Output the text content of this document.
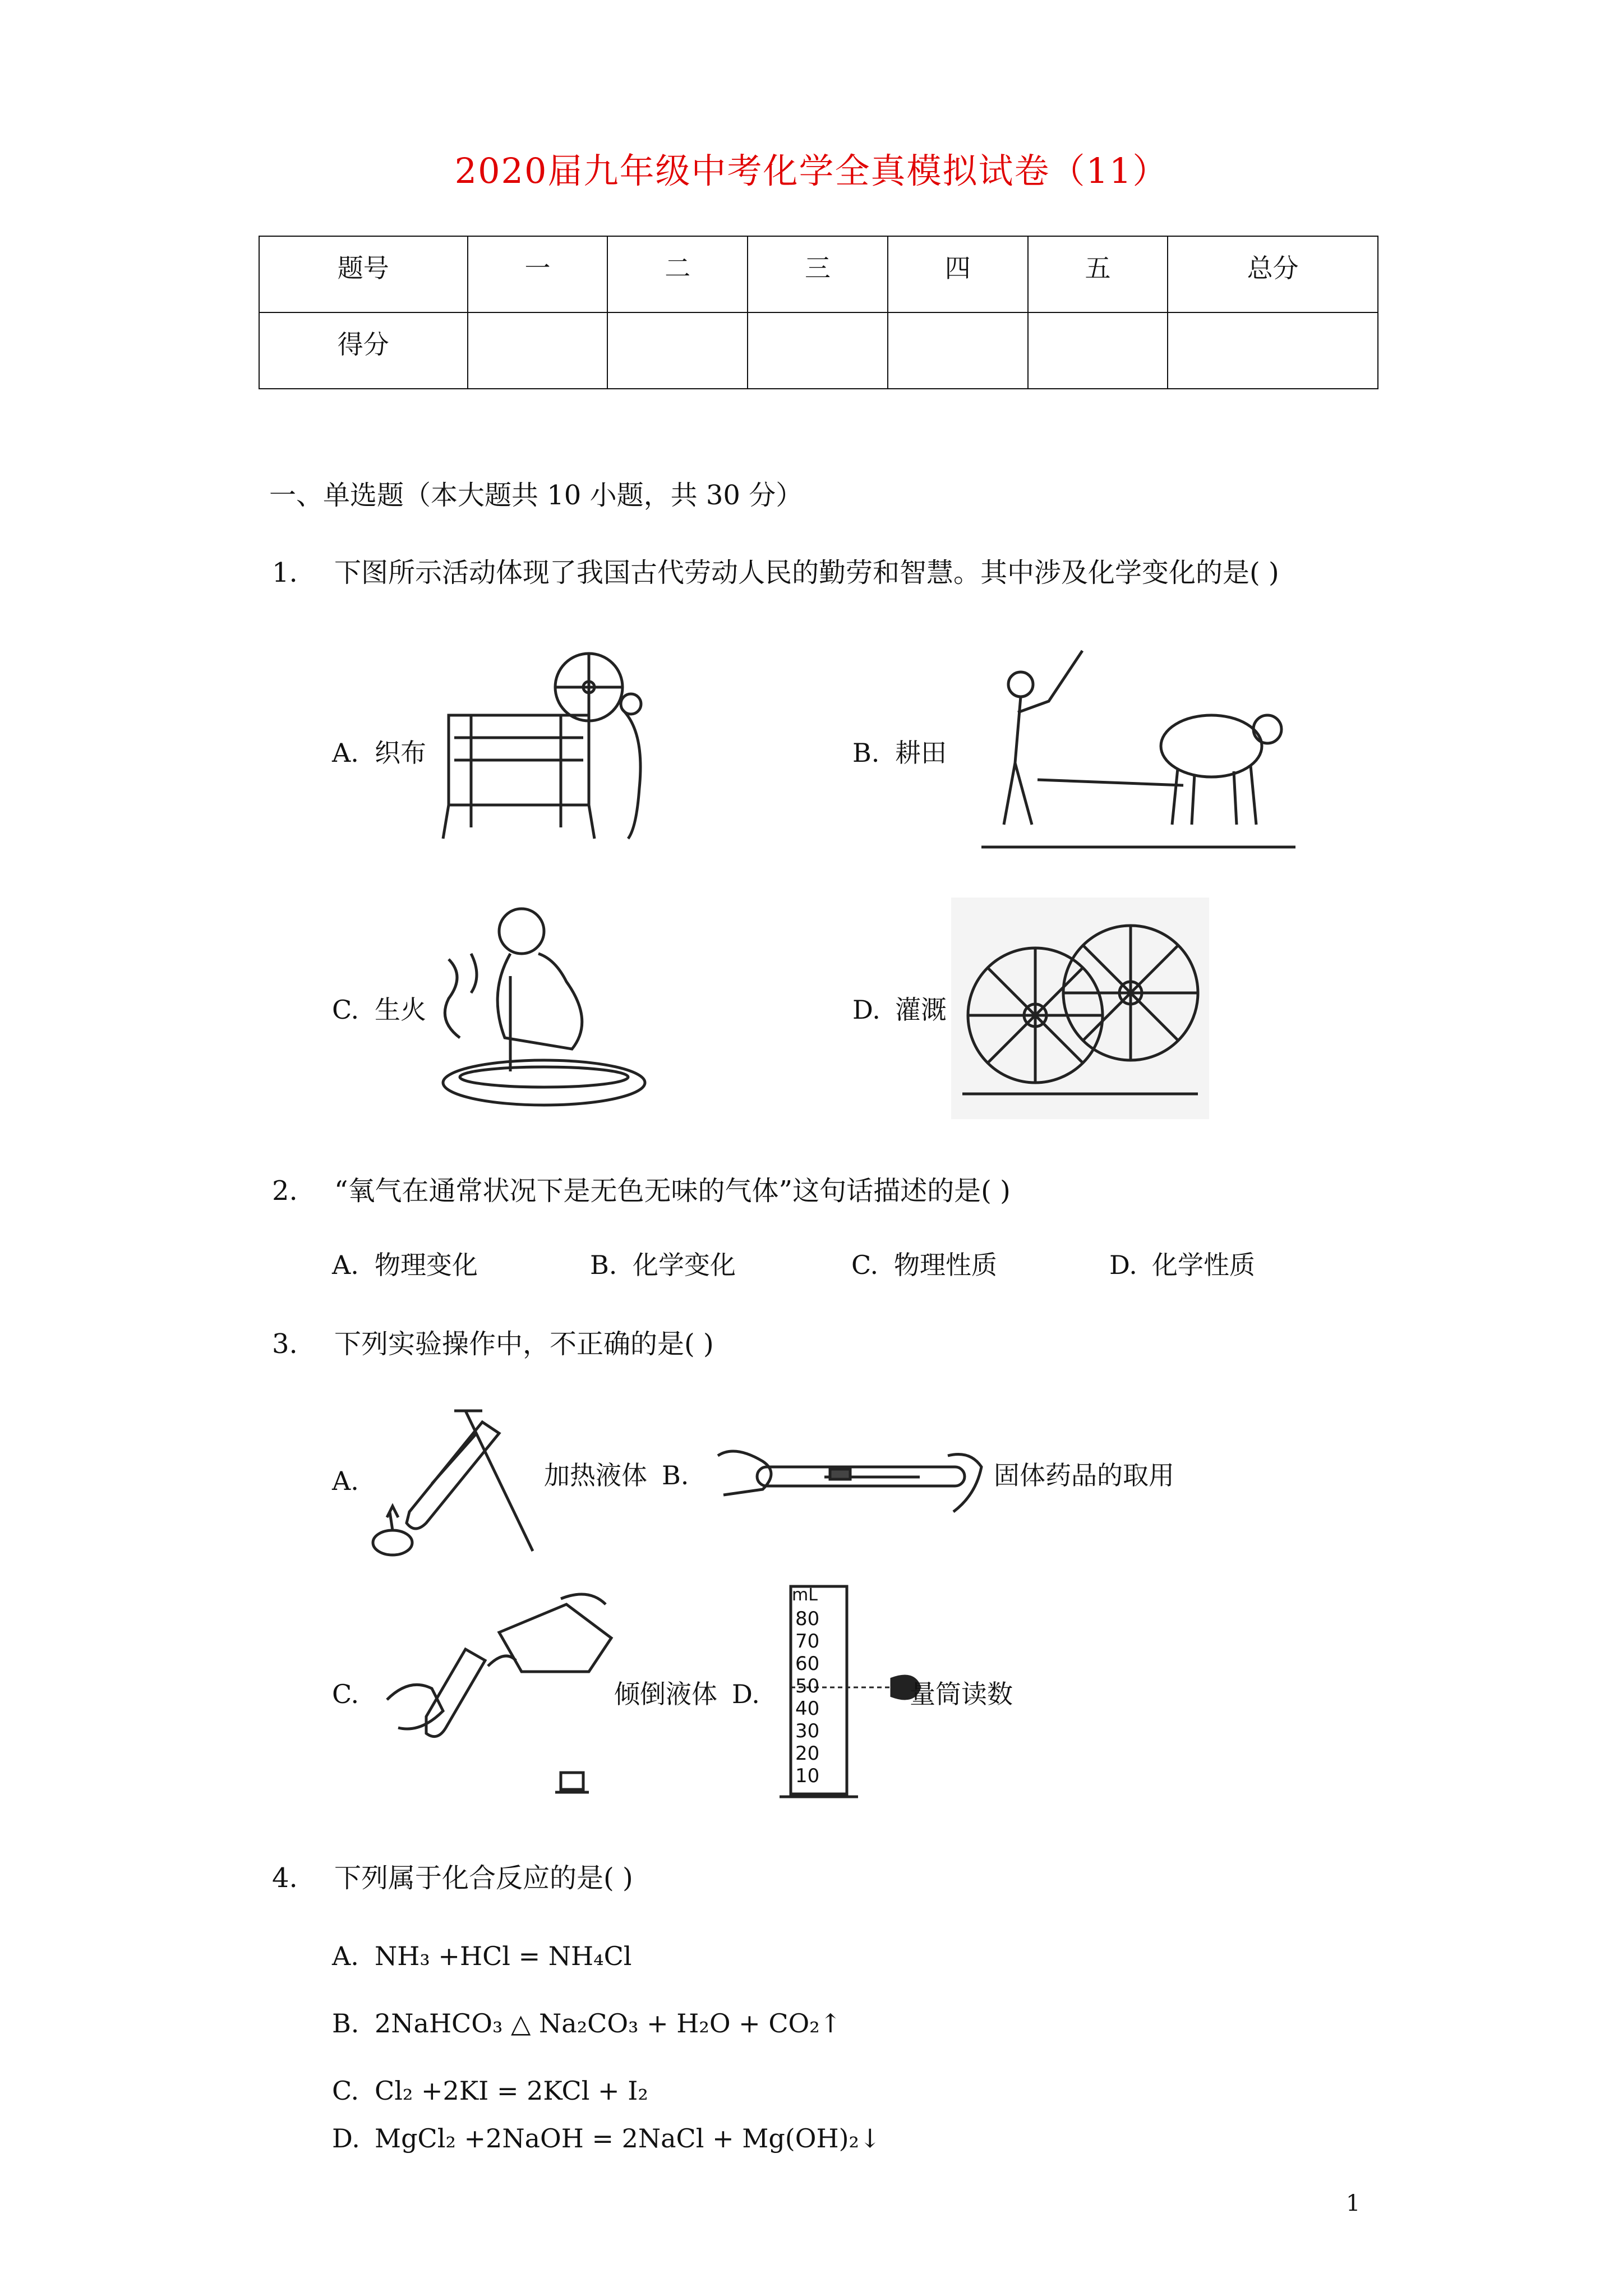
2020届九年级中考化学全真模拟试卷（11）
题号	一	二	三	四	五	总分
得分						
一、单选题（本大题共 10 小题，共 30 分）
1. 下图所示活动体现了我国古代劳动人民的勤劳和智慧。其中涉及化学变化的是( )
A. 织布	B. 耕田
C. 生火	D. 灌溉
2. “氧气在通常状况下是无色无味的气体”这句话描述的是( )
A. 物理变化	B. 化学变化	C. 物理性质	D. 化学性质
3. 下列实验操作中，不正确的是( )
A.	加热液体 B.	固体药品的取用
C.	倾倒液体 D.
mL
80
70
60
50
40
30
20
10
量筒读数
4. 下列属于化合反应的是( )
A. NH₃ +HCl = NH₄Cl
B. 2NaHCO₃ △ Na₂CO₃ + H₂O + CO₂↑
C. Cl₂ +2KI = 2KCl + I₂
D. MgCl₂ +2NaOH = 2NaCl + Mg(OH)₂↓
1
